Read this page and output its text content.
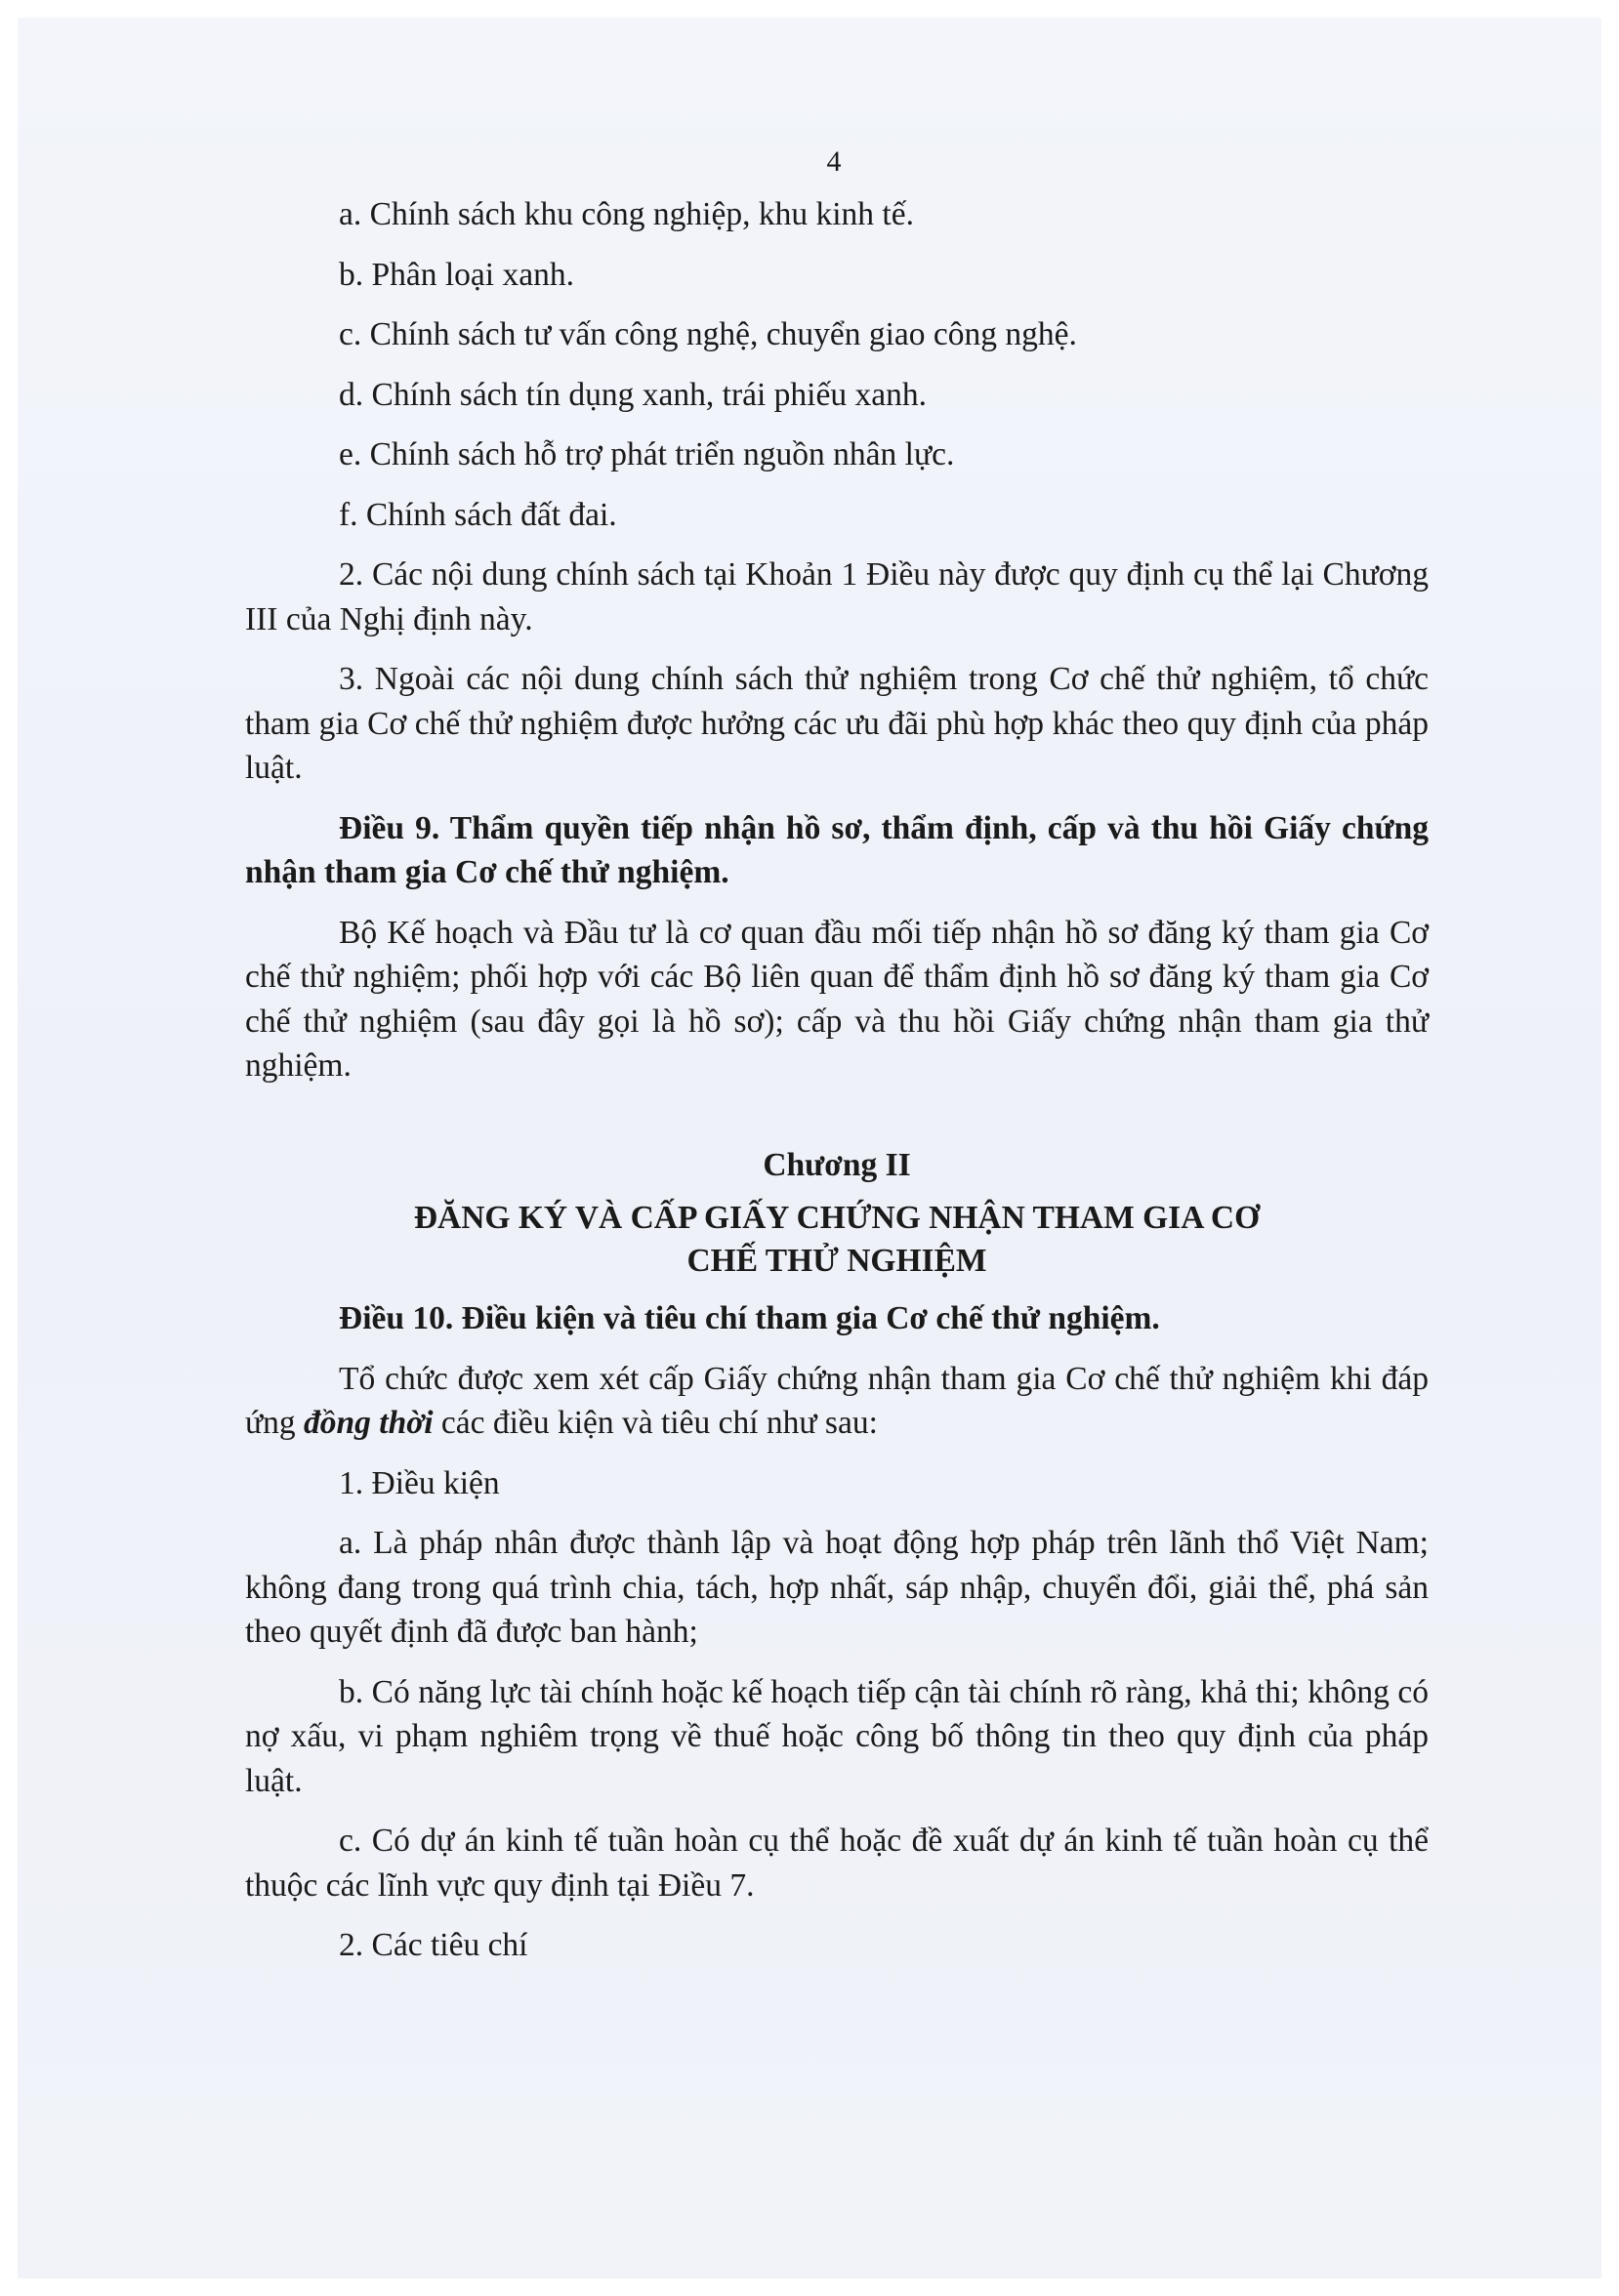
4

a. Chính sách khu công nghiệp, khu kinh tế.

b. Phân loại xanh.

c. Chính sách tư vấn công nghệ, chuyển giao công nghệ.

d. Chính sách tín dụng xanh, trái phiếu xanh.

e. Chính sách hỗ trợ phát triển nguồn nhân lực.

f. Chính sách đất đai.

2. Các nội dung chính sách tại Khoản 1 Điều này được quy định cụ thể lại Chương III của Nghị định này.

3. Ngoài các nội dung chính sách thử nghiệm trong Cơ chế thử nghiệm, tổ chức tham gia Cơ chế thử nghiệm được hưởng các ưu đãi phù hợp khác theo quy định của pháp luật.

Điều 9. Thẩm quyền tiếp nhận hồ sơ, thẩm định, cấp và thu hồi Giấy chứng nhận tham gia Cơ chế thử nghiệm.

Bộ Kế hoạch và Đầu tư là cơ quan đầu mối tiếp nhận hồ sơ đăng ký tham gia Cơ chế thử nghiệm; phối hợp với các Bộ liên quan để thẩm định hồ sơ đăng ký tham gia Cơ chế thử nghiệm (sau đây gọi là hồ sơ); cấp và thu hồi Giấy chứng nhận tham gia thử nghiệm.

Chương II
ĐĂNG KÝ VÀ CẤP GIẤY CHỨNG NHẬN THAM GIA CƠ CHẾ THỬ NGHIỆM

Điều 10. Điều kiện và tiêu chí tham gia Cơ chế thử nghiệm.

Tổ chức được xem xét cấp Giấy chứng nhận tham gia Cơ chế thử nghiệm khi đáp ứng đồng thời các điều kiện và tiêu chí như sau:

1. Điều kiện

a. Là pháp nhân được thành lập và hoạt động hợp pháp trên lãnh thổ Việt Nam; không đang trong quá trình chia, tách, hợp nhất, sáp nhập, chuyển đổi, giải thể, phá sản theo quyết định đã được ban hành;

b. Có năng lực tài chính hoặc kế hoạch tiếp cận tài chính rõ ràng, khả thi; không có nợ xấu, vi phạm nghiêm trọng về thuế hoặc công bố thông tin theo quy định của pháp luật.

c. Có dự án kinh tế tuần hoàn cụ thể hoặc đề xuất dự án kinh tế tuần hoàn cụ thể thuộc các lĩnh vực quy định tại Điều 7.

2. Các tiêu chí
